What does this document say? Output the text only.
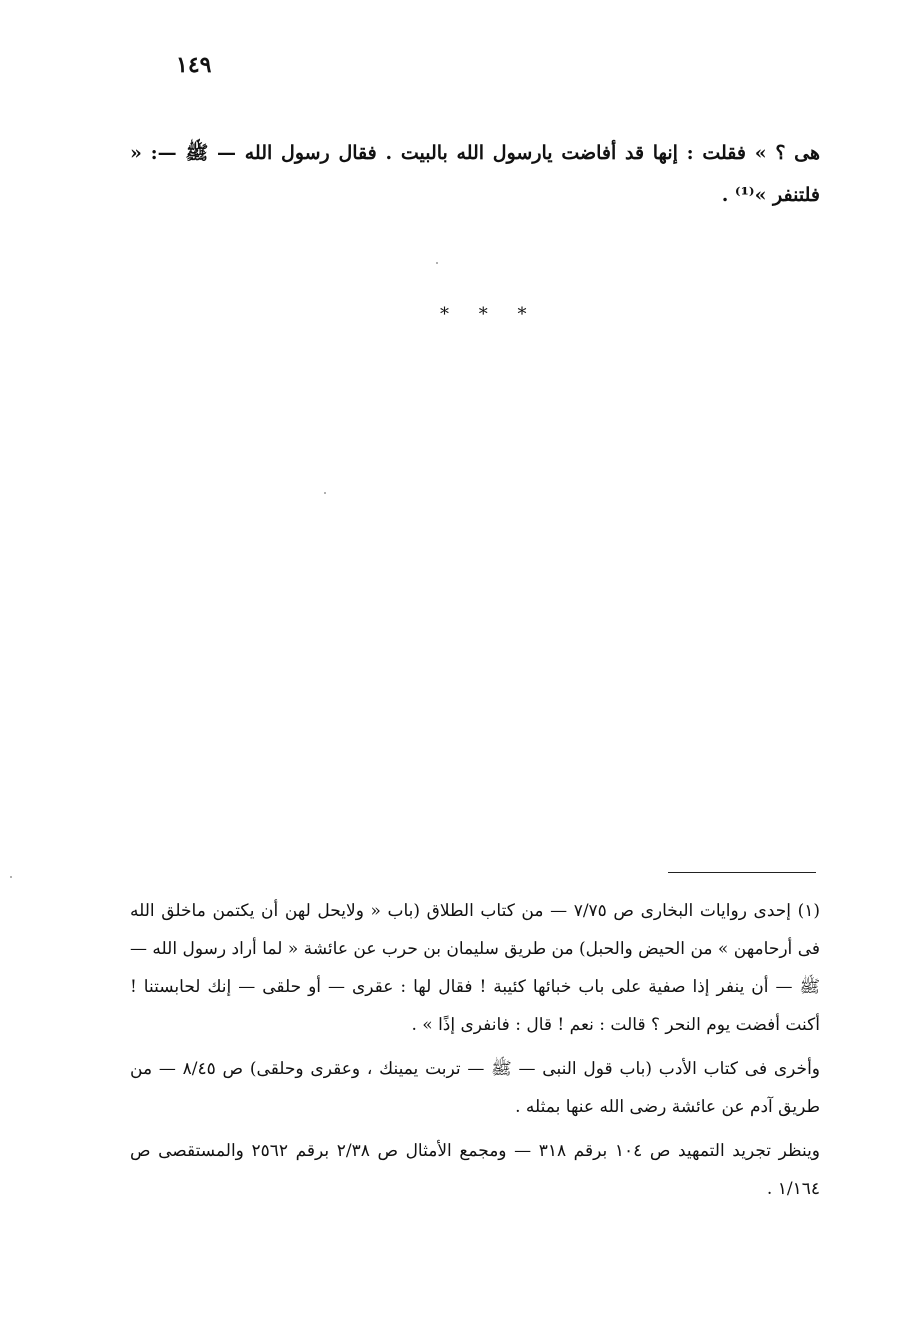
١٤٩

هى ؟ » فقلت : إنها قد أفاضت يارسول الله بالبيت . فقال رسول الله — ﷺ —: « فلتنفر »⁽¹⁾ .

* * *

(١) إحدى روايات البخارى ص ٧/٧٥ — من كتاب الطلاق (باب « ولايحل لهن أن يكتمن ماخلق الله فى أرحامهن » من الحيض والحبل) من طريق سليمان بن حرب عن عائشة « لما أراد رسول الله — ﷺ — أن ينفر إذا صفية على باب خبائها كئيبة ! فقال لها : عقرى — أو حلقى — إنك لحابستنا ! أكنت أفضت يوم النحر ؟ قالت : نعم ! قال : فانفرى إذًا » .

وأخرى فى كتاب الأدب (باب قول النبى — ﷺ — تربت يمينك ، وعقرى وحلقى) ص ٨/٤٥ — من طريق آدم عن عائشة رضى الله عنها بمثله .

وينظر تجريد التمهيد ص ١٠٤ برقم ٣١٨ — ومجمع الأمثال ص ٢/٣٨ برقم ٢٥٦٢ والمستقصى ص ١/١٦٤ .
